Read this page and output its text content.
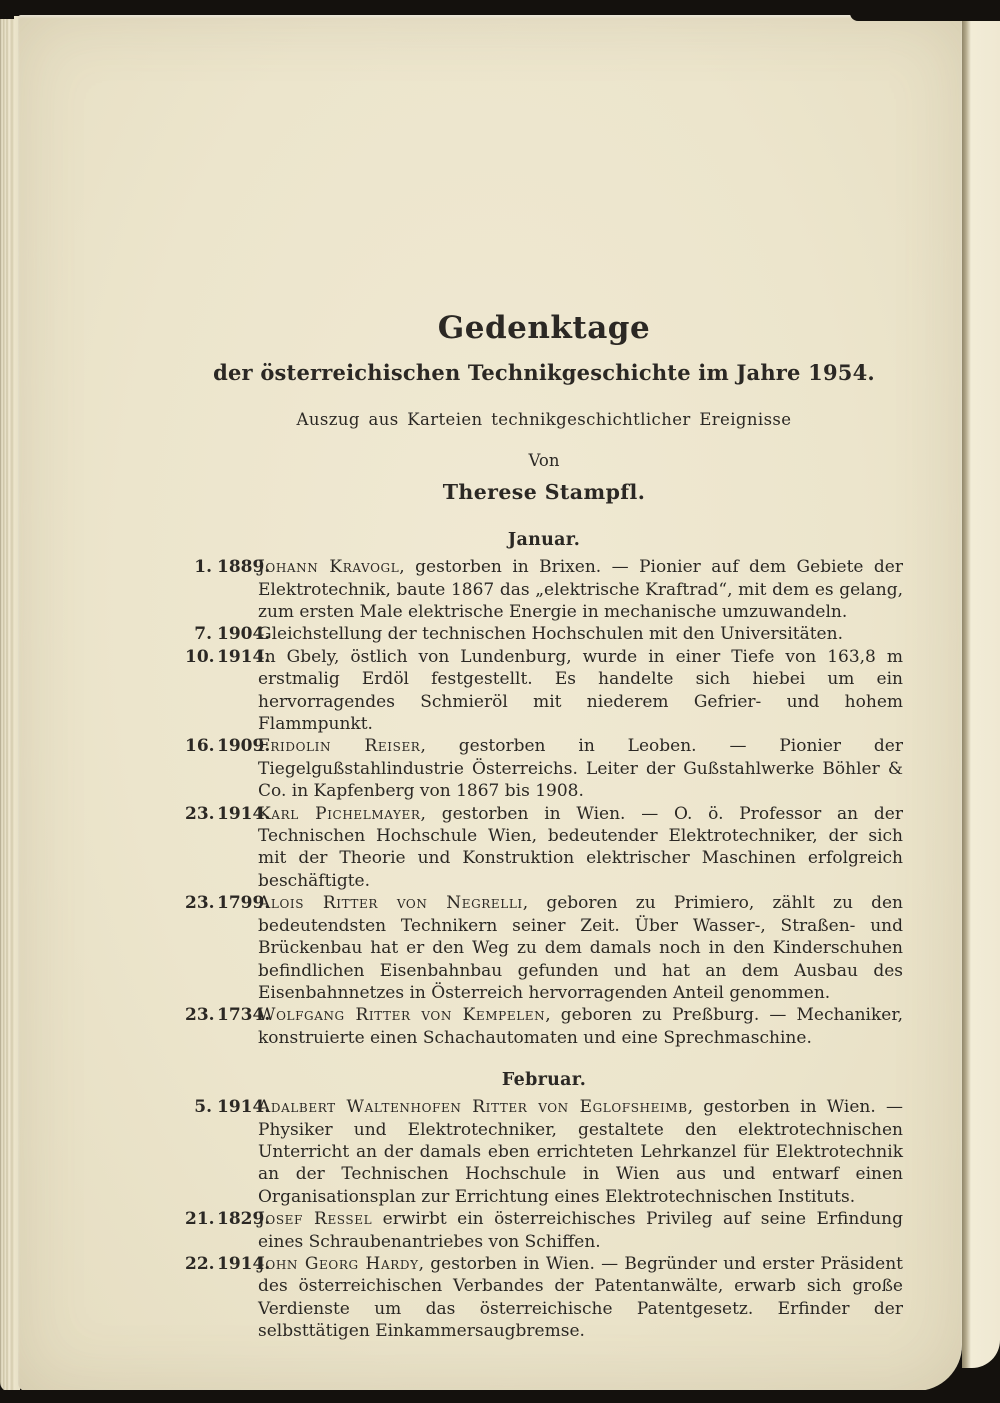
Gedenktage
der österreichischen Technikgeschichte im Jahre 1954.
Auszug aus Karteien technikgeschichtlicher Ereignisse
Von
Therese Stampfl.
Januar.
1. 1889.
Johann Kravogl, gestorben in Brixen. — Pionier auf dem Gebiete der Elektrotechnik, baute 1867 das „elektrische Kraftrad“, mit dem es gelang, zum ersten Male elektrische Energie in mechanische umzuwandeln.
7. 1904.
Gleichstellung der technischen Hochschulen mit den Universitäten.
10. 1914.
In Gbely, östlich von Lundenburg, wurde in einer Tiefe von 163,8 m erstmalig Erdöl festgestellt. Es handelte sich hiebei um ein hervorragendes Schmieröl mit niederem Gefrier- und hohem Flammpunkt.
16. 1909.
Fridolin Reiser, gestorben in Leoben. — Pionier der Tiegelgußstahlindustrie Österreichs. Leiter der Gußstahlwerke Böhler & Co. in Kapfenberg von 1867 bis 1908.
23. 1914.
Karl Pichelmayer, gestorben in Wien. — O. ö. Professor an der Technischen Hochschule Wien, bedeutender Elektrotechniker, der sich mit der Theorie und Konstruktion elektrischer Maschinen erfolgreich beschäftigte.
23. 1799.
Alois Ritter von Negrelli, geboren zu Primiero, zählt zu den bedeutendsten Technikern seiner Zeit. Über Wasser-, Straßen- und Brückenbau hat er den Weg zu dem damals noch in den Kinderschuhen befindlichen Eisenbahnbau gefunden und hat an dem Ausbau des Eisenbahnnetzes in Österreich hervorragenden Anteil genommen.
23. 1734.
Wolfgang Ritter von Kempelen, geboren zu Preßburg. — Mechaniker, konstruierte einen Schachautomaten und eine Sprechmaschine.
Februar.
5. 1914.
Adalbert Waltenhofen Ritter von Eglofsheimb, gestorben in Wien. — Physiker und Elektrotechniker, gestaltete den elektrotechnischen Unterricht an der damals eben errichteten Lehrkanzel für Elektrotechnik an der Technischen Hochschule in Wien aus und entwarf einen Organisationsplan zur Errichtung eines Elektrotechnischen Instituts.
21. 1829.
Josef Ressel erwirbt ein österreichisches Privileg auf seine Erfindung eines Schraubenantriebes von Schiffen.
22. 1914.
John Georg Hardy, gestorben in Wien. — Begründer und erster Präsident des österreichischen Verbandes der Patentanwälte, erwarb sich große Verdienste um das österreichische Patentgesetz. Erfinder der selbsttätigen Einkammersaugbremse.
